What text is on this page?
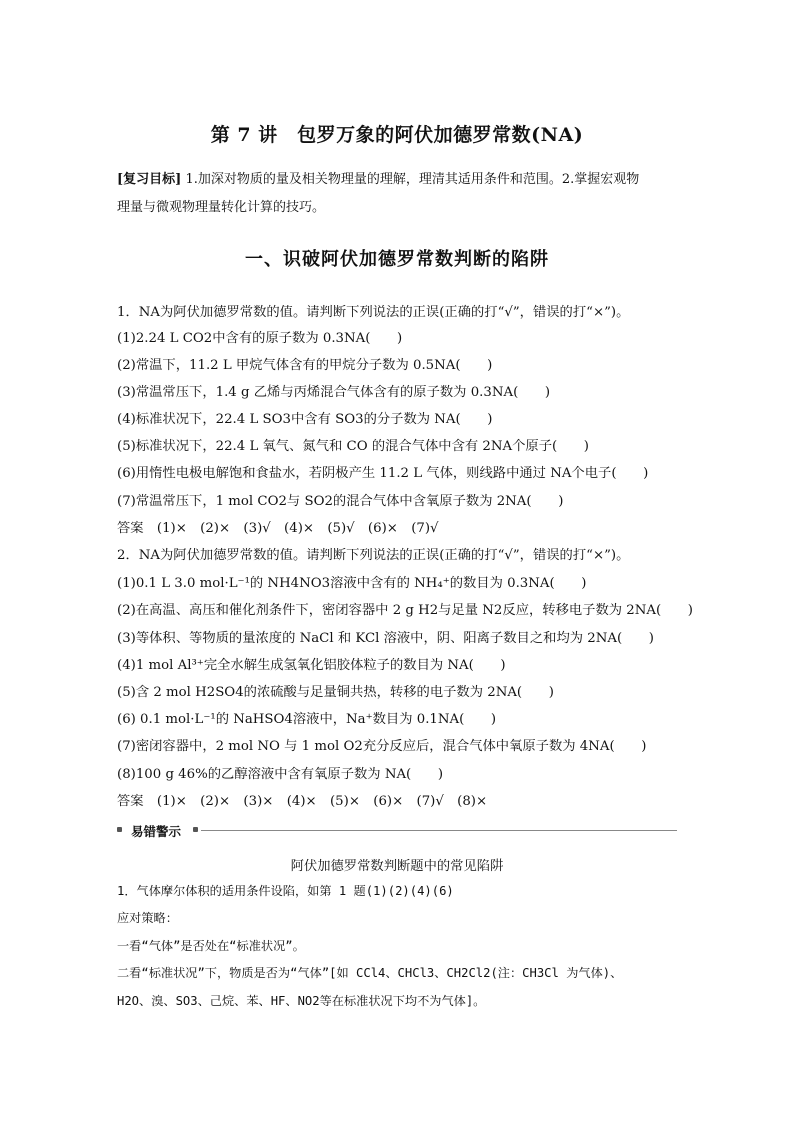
第 7 讲　包罗万象的阿伏加德罗常数(NA)
[复习目标] 1.加深对物质的量及相关物理量的理解，理清其适用条件和范围。2.掌握宏观物
理量与微观物理量转化计算的技巧。
一、识破阿伏加德罗常数判断的陷阱
1．NA为阿伏加德罗常数的值。请判断下列说法的正误(正确的打“√”，错误的打“×”)。
(1)2.24 L CO2中含有的原子数为 0.3NA(　　)
(2)常温下，11.2 L 甲烷气体含有的甲烷分子数为 0.5NA(　　)
(3)常温常压下，1.4 g 乙烯与丙烯混合气体含有的原子数为 0.3NA(　　)
(4)标准状况下，22.4 L SO3中含有 SO3的分子数为 NA(　　)
(5)标准状况下，22.4 L 氧气、氮气和 CO 的混合气体中含有 2NA个原子(　　)
(6)用惰性电极电解饱和食盐水，若阴极产生 11.2 L 气体，则线路中通过 NA个电子(　　)
(7)常温常压下，1 mol CO2与 SO2的混合气体中含氧原子数为 2NA(　　)
答案　(1)×　(2)×　(3)√　(4)×　(5)√　(6)×　(7)√
2．NA为阿伏加德罗常数的值。请判断下列说法的正误(正确的打“√”，错误的打“×”)。
(1)0.1 L 3.0 mol·L⁻¹的 NH4NO3溶液中含有的 NH₄⁺的数目为 0.3NA(　　)
(2)在高温、高压和催化剂条件下，密闭容器中 2 g H2与足量 N2反应，转移电子数为 2NA(　　)
(3)等体积、等物质的量浓度的 NaCl 和 KCl 溶液中，阴、阳离子数目之和均为 2NA(　　)
(4)1 mol Al³⁺完全水解生成氢氧化铝胶体粒子的数目为 NA(　　)
(5)含 2 mol H2SO4的浓硫酸与足量铜共热，转移的电子数为 2NA(　　)
(6) 0.1 mol·L⁻¹的 NaHSO4溶液中，Na⁺数目为 0.1NA(　　)
(7)密闭容器中，2 mol NO 与 1 mol O2充分反应后，混合气体中氧原子数为 4NA(　　)
(8)100 g 46%的乙醇溶液中含有氧原子数为 NA(　　)
答案　(1)×　(2)×　(3)×　(4)×　(5)×　(6)×　(7)√　(8)×
易错警示
阿伏加德罗常数判断题中的常见陷阱
1．气体摩尔体积的适用条件设陷，如第 1 题(1)(2)(4)(6)
应对策略：
一看“气体”是否处在“标准状况”。
二看“标准状况”下，物质是否为“气体”[如 CCl4、CHCl3、CH2Cl2(注：CH3Cl 为气体)、
H2O、溴、SO3、己烷、苯、HF、NO2等在标准状况下均不为气体]。
